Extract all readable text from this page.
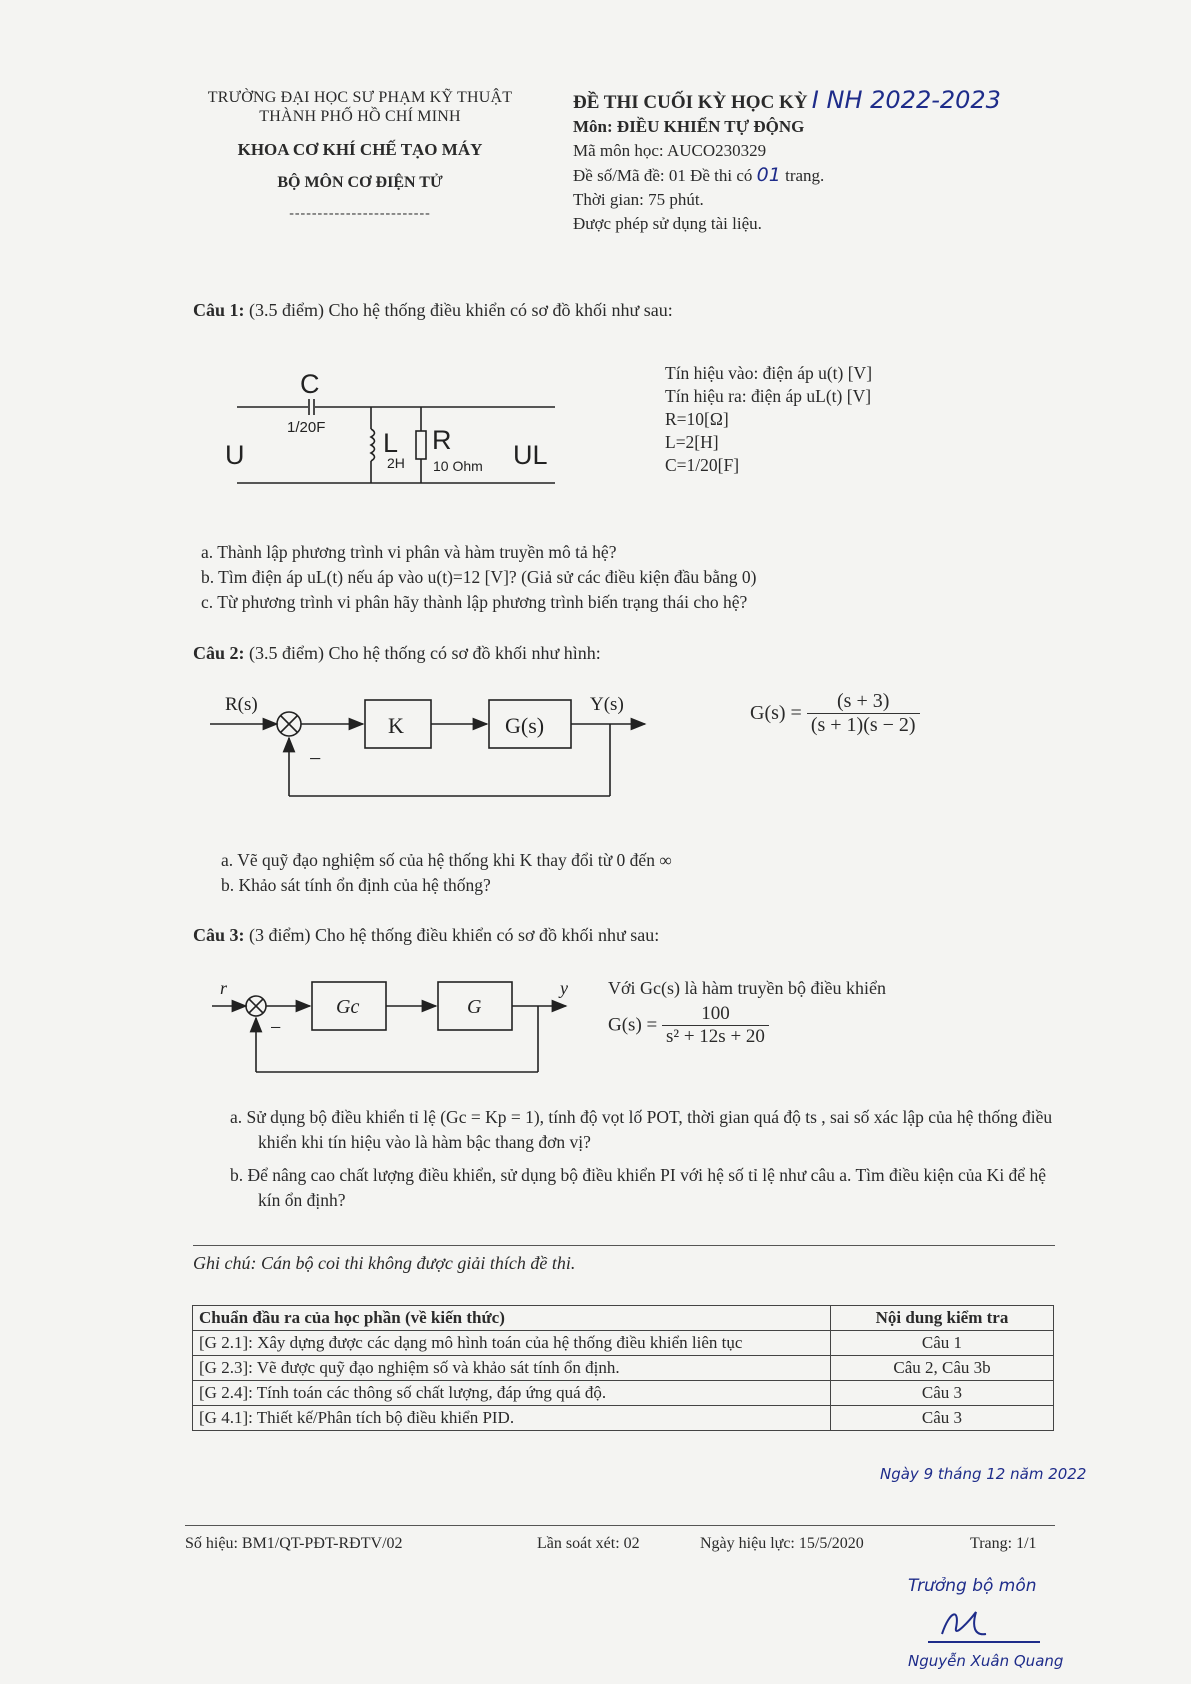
TRƯỜNG ĐẠI HỌC SƯ PHẠM KỸ THUẬT
THÀNH PHỐ HỒ CHÍ MINH
KHOA CƠ KHÍ CHẾ TẠO MÁY
BỘ MÔN CƠ ĐIỆN TỬ
-------------------------
ĐỀ THI CUỐI KỲ HỌC KỲ I NH 2022-2023
Môn: ĐIỀU KHIỂN TỰ ĐỘNG
Mã môn học: AUCO230329
Đề số/Mã đề: 01 Đề thi có 01 trang.
Thời gian: 75 phút.
Được phép sử dụng tài liệu.
Câu 1: (3.5 điểm) Cho hệ thống điều khiển có sơ đồ khối như sau:
C
1/20F
L
2H
R
10 Ohm
U	UL
Tín hiệu vào: điện áp u(t) [V]
Tín hiệu ra: điện áp uL(t) [V]
R=10[Ω]
L=2[H]
C=1/20[F]
a. Thành lập phương trình vi phân và hàm truyền mô tả hệ?
b. Tìm điện áp uL(t) nếu áp vào u(t)=12 [V]? (Giả sử các điều kiện đầu bằng 0)
c. Từ phương trình vi phân hãy thành lập phương trình biến trạng thái cho hệ?
Câu 2: (3.5 điểm) Cho hệ thống có sơ đồ khối như hình:
R(s)	Y(s)
K	G(s)
−
$G(s) = \frac{(s + 3)}{(s + 1)(s - 2)}$
a. Vẽ quỹ đạo nghiệm số của hệ thống khi K thay đổi từ 0 đến ∞
b. Khảo sát tính ổn định của hệ thống?
Câu 3: (3 điểm) Cho hệ thống điều khiển có sơ đồ khối như sau:
r	y
Gc	G
−
Với Gc(s) là hàm truyền bộ điều khiển
$G(s) = \frac{100}{\text{s² + 12s + 20}}$
a. Sử dụng bộ điều khiển tỉ lệ (Gc = Kp = 1), tính độ vọt lố POT, thời gian quá độ ts , sai số xác lập của hệ thống điều khiển khi tín hiệu vào là hàm bậc thang đơn vị?
b. Để nâng cao chất lượng điều khiển, sử dụng bộ điều khiển PI với hệ số tỉ lệ như câu a. Tìm điều kiện của Ki để hệ kín ổn định?
Ghi chú: Cán bộ coi thi không được giải thích đề thi.
Chuẩn đầu ra của học phần (về kiến thức)	Nội dung kiểm tra
[G 2.1]: Xây dựng được các dạng mô hình toán của hệ thống điều khiển liên tục	Câu 1
[G 2.3]: Vẽ được quỹ đạo nghiệm số và khảo sát tính ổn định.	Câu 2, Câu 3b
[G 2.4]: Tính toán các thông số chất lượng, đáp ứng quá độ.	Câu 3
[G 4.1]: Thiết kế/Phân tích bộ điều khiển PID.	Câu 3
Ngày 9 tháng 12 năm 2022
Số hiệu: BM1/QT-PĐT-RĐTV/02	Lần soát xét: 02	Ngày hiệu lực: 15/5/2020	Trang: 1/1
Trưởng bộ môn
Nguyễn Xuân Quang
